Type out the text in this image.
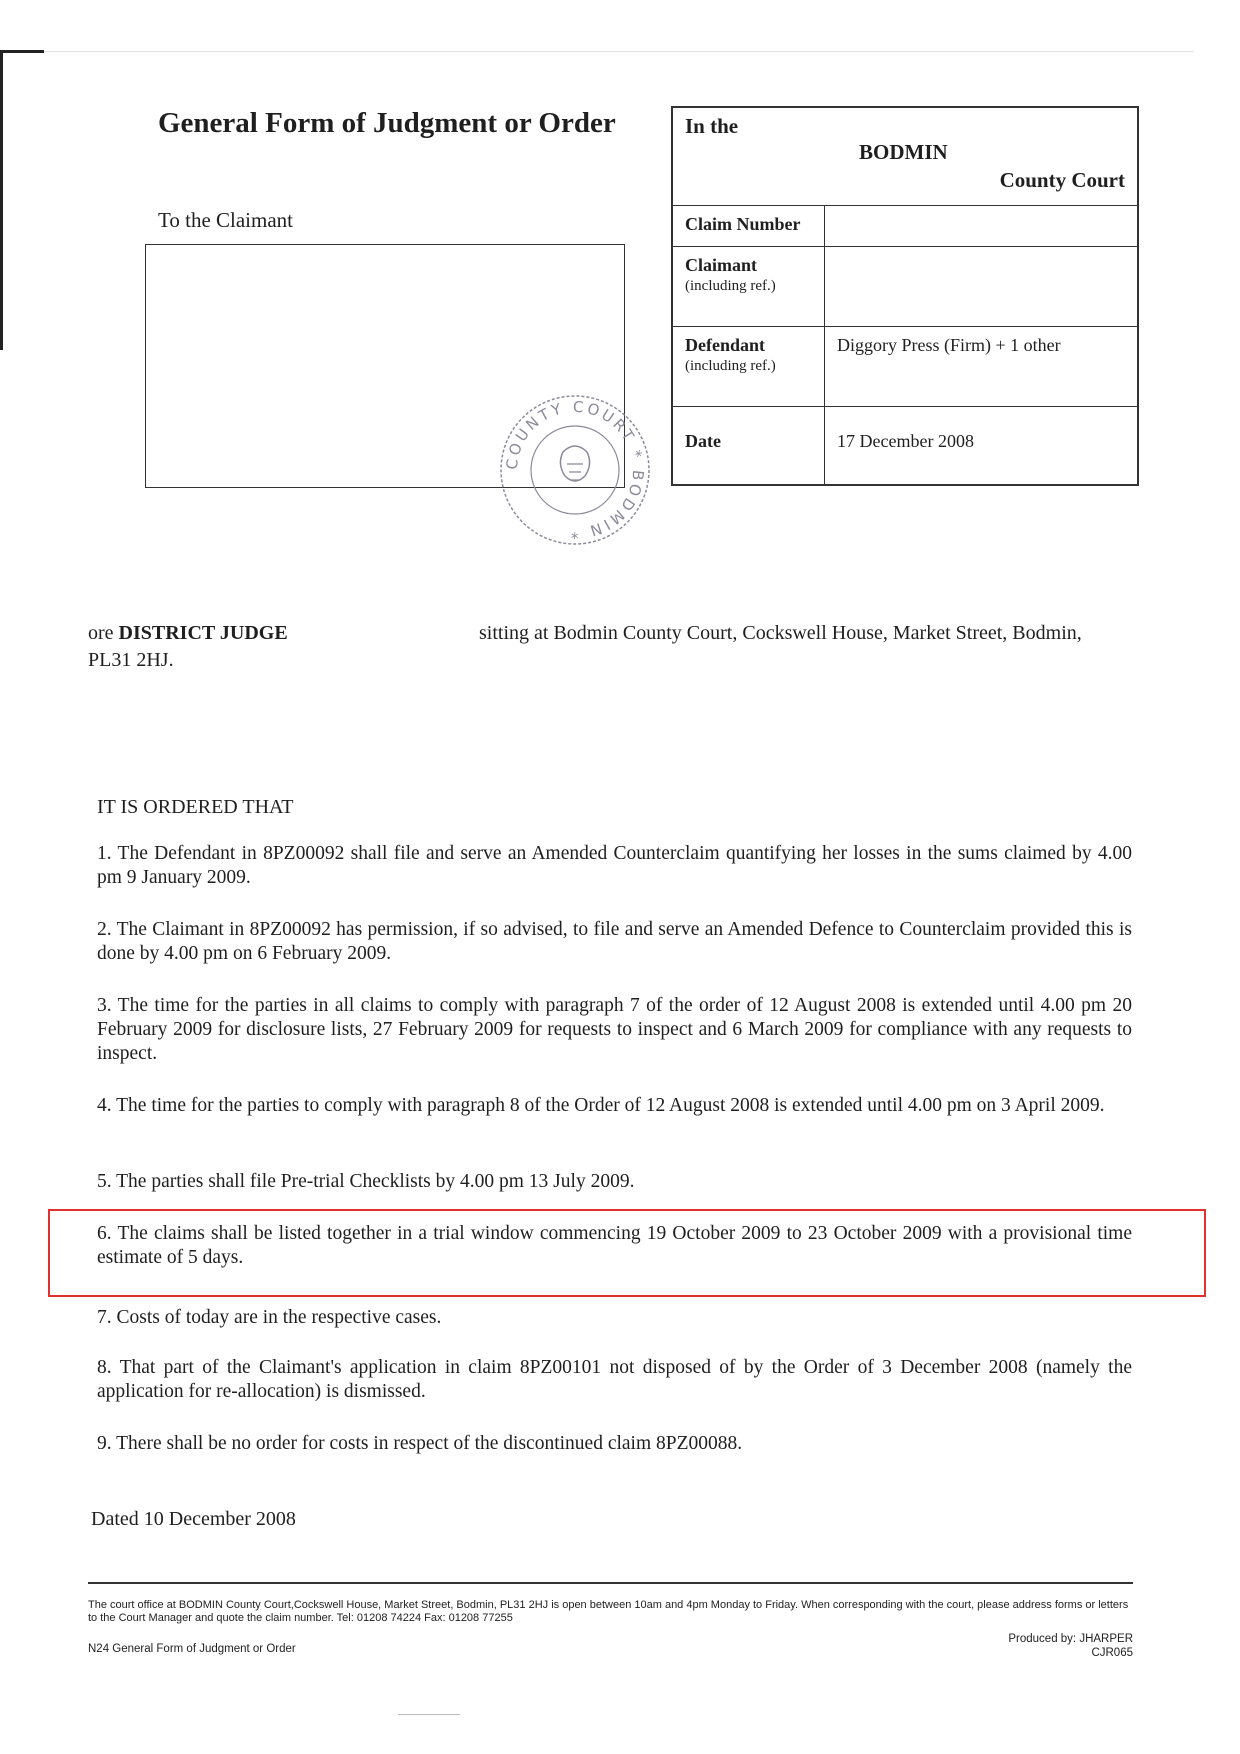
General Form of Judgment or Order
To the Claimant
COUNTY COURT * BODMIN *
In the
BODMIN
County Court
Claim Number
Claimant
(including ref.)
Defendant
(including ref.)
Diggory Press (Firm) + 1 other
Date	17 December 2008
ore DISTRICT JUDGE	sitting at Bodmin County Court, Cockswell House, Market Street, Bodmin,
PL31 2HJ.
IT IS ORDERED THAT
1. The Defendant in 8PZ00092 shall file and serve an Amended Counterclaim quantifying her losses in the sums claimed by 4.00 pm 9 January 2009.
2. The Claimant in 8PZ00092 has permission, if so advised, to file and serve an Amended Defence to Counterclaim provided this is done by 4.00 pm on 6 February 2009.
3. The time for the parties in all claims to comply with paragraph 7 of the order of 12 August 2008 is extended until 4.00 pm 20 February 2009 for disclosure lists, 27 February 2009 for requests to inspect and 6 March 2009 for compliance with any requests to inspect.
4. The time for the parties to comply with paragraph 8 of the Order of 12 August 2008 is extended until 4.00 pm on 3 April 2009.
5. The parties shall file Pre-trial Checklists by 4.00 pm 13 July 2009.
6. The claims shall be listed together in a trial window commencing 19 October 2009 to 23 October 2009 with a provisional time estimate of 5 days.
7. Costs of today are in the respective cases.
8. That part of the Claimant's application in claim 8PZ00101 not disposed of by the Order of 3 December 2008 (namely the application for re-allocation) is dismissed.
9. There shall be no order for costs in respect of the discontinued claim 8PZ00088.
Dated 10 December 2008
The court office at BODMIN County Court,Cockswell House, Market Street, Bodmin, PL31 2HJ is open between 10am and 4pm Monday to Friday. When corresponding with the court, please address forms or letters to the Court Manager and quote the claim number. Tel: 01208 74224 Fax: 01208 77255
N24 General Form of Judgment or Order
Produced by: JHARPER
CJR065
